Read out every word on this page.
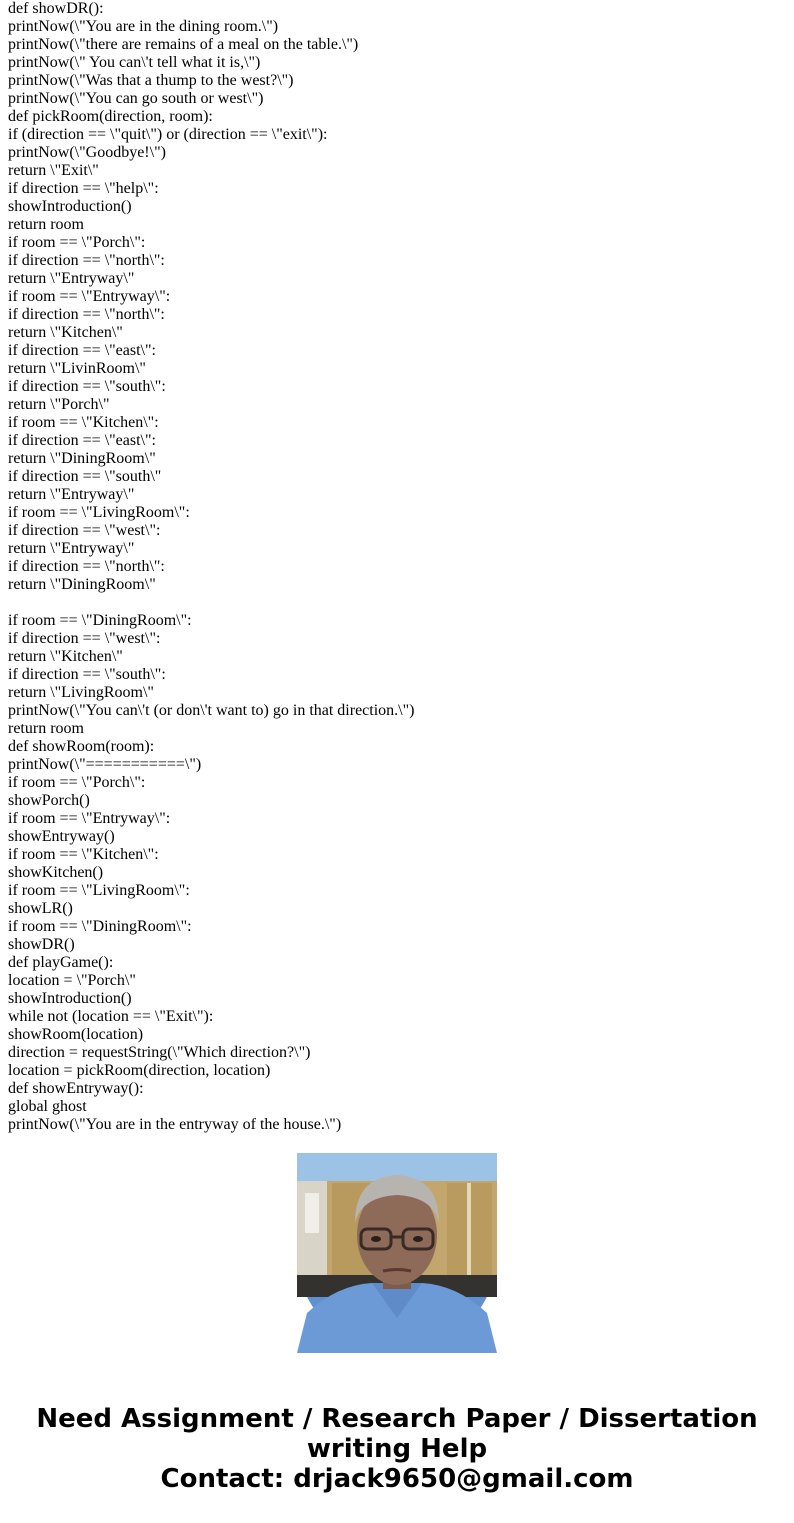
def showDR():
printNow(\"You are in the dining room.\")
printNow(\"there are remains of a meal on the table.\")
printNow(\" You can\'t tell what it is,\")
printNow(\"Was that a thump to the west?\")
printNow(\"You can go south or west\")
def pickRoom(direction, room):
if (direction == \"quit\") or (direction == \"exit\"):
printNow(\"Goodbye!\")
return \"Exit\"
if direction == \"help\":
showIntroduction()
return room
if room == \"Porch\":
if direction == \"north\":
return \"Entryway\"
if room == \"Entryway\":
if direction == \"north\":
return \"Kitchen\"
if direction == \"east\":
return \"LivinRoom\"
if direction == \"south\":
return \"Porch\"
if room == \"Kitchen\":
if direction == \"east\":
return \"DiningRoom\"
if direction == \"south\"
return \"Entryway\"
if room == \"LivingRoom\":
if direction == \"west\":
return \"Entryway\"
if direction == \"north\":
return \"DiningRoom\"
if room == \"DiningRoom\":
if direction == \"west\":
return \"Kitchen\"
if direction == \"south\":
return \"LivingRoom\"
printNow(\"You can\'t (or don\'t want to) go in that direction.\")
return room
def showRoom(room):
printNow(\"===========\")
if room == \"Porch\":
showPorch()
if room == \"Entryway\":
showEntryway()
if room == \"Kitchen\":
showKitchen()
if room == \"LivingRoom\":
showLR()
if room == \"DiningRoom\":
showDR()
def playGame():
location = \"Porch\"
showIntroduction()
while not (location == \"Exit\"):
showRoom(location)
direction = requestString(\"Which direction?\")
location = pickRoom(direction, location)
def showEntryway():
global ghost
printNow(\"You are in the entryway of the house.\")
Need Assignment / Research Paper / Dissertation
writing Help
Contact: drjack9650@gmail.com
